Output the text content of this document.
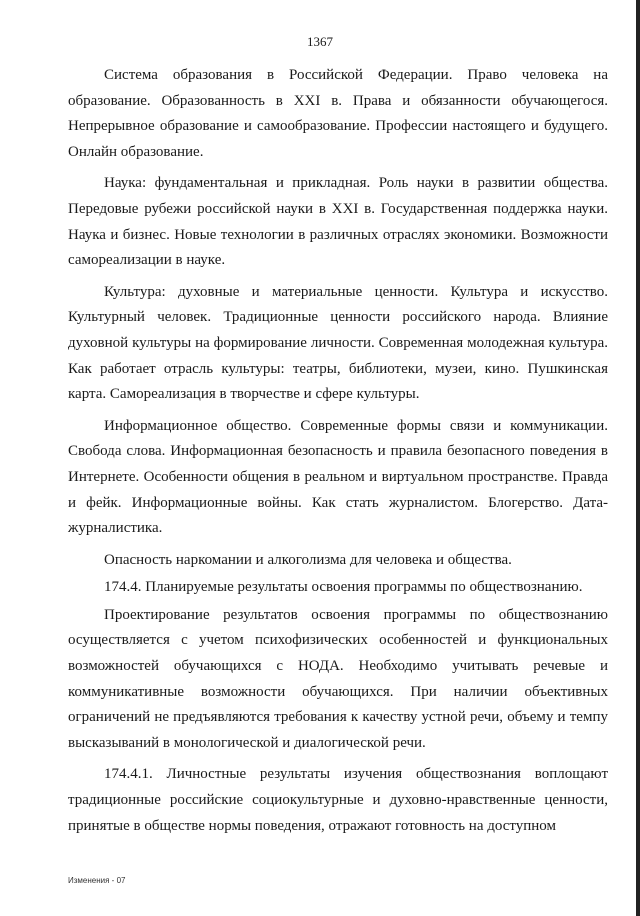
1367

Система образования в Российской Федерации. Право человека на образование. Образованность в XXI в. Права и обязанности обучающегося. Непрерывное образование и самообразование. Профессии настоящего и будущего. Онлайн образование.

Наука: фундаментальная и прикладная. Роль науки в развитии общества. Передовые рубежи российской науки в XXI в. Государственная поддержка науки. Наука и бизнес. Новые технологии в различных отраслях экономики. Возможности самореализации в науке.

Культура: духовные и материальные ценности. Культура и искусство. Культурный человек. Традиционные ценности российского народа. Влияние духовной культуры на формирование личности. Современная молодежная культура. Как работает отрасль культуры: театры, библиотеки, музеи, кино. Пушкинская карта. Самореализация в творчестве и сфере культуры.

Информационное общество. Современные формы связи и коммуникации. Свобода слова. Информационная безопасность и правила безопасного поведения в Интернете. Особенности общения в реальном и виртуальном пространстве. Правда и фейк. Информационные войны. Как стать журналистом. Блогерство. Дата-журналистика.

Опасность наркомании и алкоголизма для человека и общества.

174.4. Планируемые результаты освоения программы по обществознанию.

Проектирование результатов освоения программы по обществознанию осуществляется с учетом психофизических особенностей и функциональных возможностей обучающихся с НОДА. Необходимо учитывать речевые и коммуникативные возможности обучающихся. При наличии объективных ограничений не предъявляются требования к качеству устной речи, объему и темпу высказываний в монологической и диалогической речи.

174.4.1. Личностные результаты изучения обществознания воплощают традиционные российские социокультурные и духовно-нравственные ценности, принятые в обществе нормы поведения, отражают готовность на доступном

Изменения - 07
